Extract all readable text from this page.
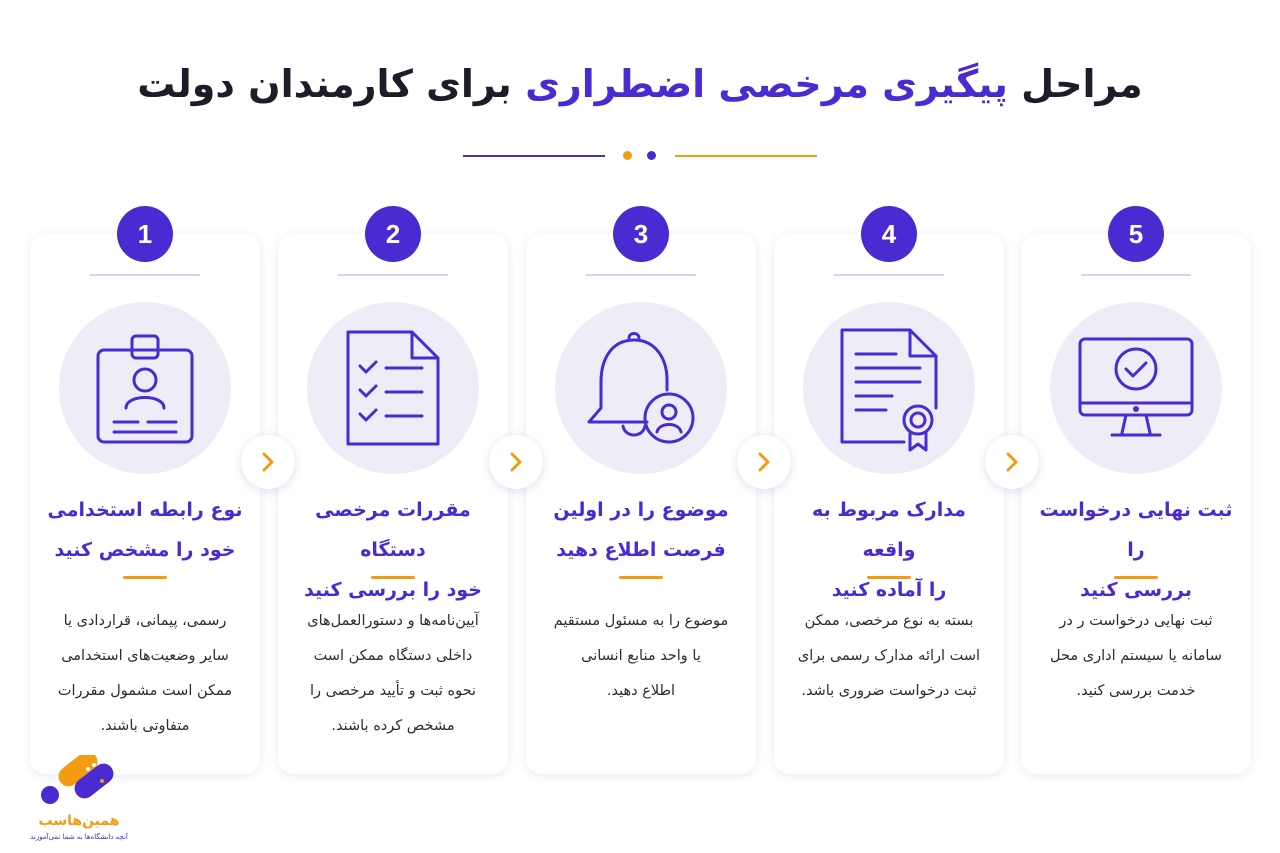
مراحل پیگیری مرخصی اضطراری برای کارمندان دولت
نوع رابطه استخدامی
خود را مشخص کنید
رسمی، پیمانی، قراردادی یا
سایر وضعیت‌های استخدامی
ممکن است مشمول مقررات
متفاوتی باشند.
مقررات مرخصی دستگاه
خود را بررسی کنید
آیین‌نامه‌ها و دستورالعمل‌های
داخلی دستگاه ممکن است
نحوه ثبت و تأیید مرخصی را
مشخص کرده باشند.
موضوع را در اولین
فرصت اطلاع دهید
موضوع را به مسئول مستقیم
یا واحد منابع انسانی
اطلاع دهید.
مدارک مربوط به واقعه
را آماده کنید
بسته به نوع مرخصی، ممکن
است ارائه مدارک رسمی برای
ثبت درخواست ضروری باشد.
ثبت نهایی درخواست را
بررسی کنید
ثبت نهایی درخواست ر در
سامانه یا سیستم اداری محل
خدمت بررسی کنید.
1	2	3	4	5
همین‌هاسب
آنچه دانشگاه‌ها به شما نمی‌آموزند
